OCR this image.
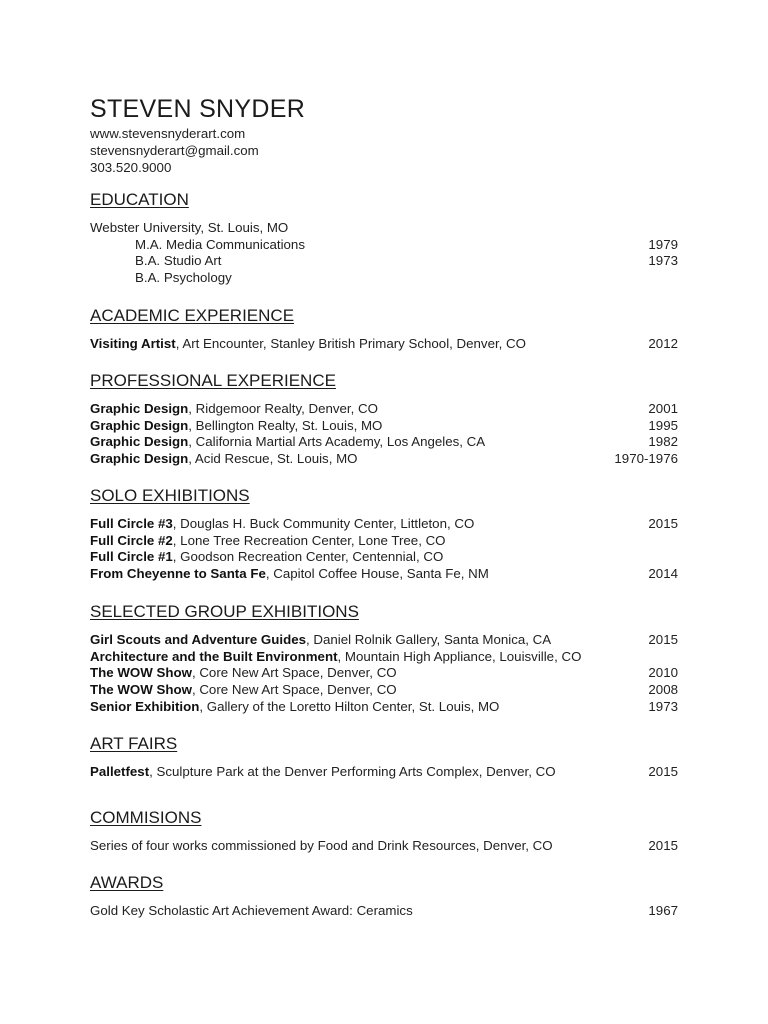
STEVEN SNYDER
www.stevensnyderart.com
stevensnyderart@gmail.com
303.520.9000
EDUCATION
Webster University, St. Louis, MO
M.A. Media Communications	1979
B.A. Studio Art	1973
B.A. Psychology
ACADEMIC EXPERIENCE
Visiting Artist, Art Encounter, Stanley British Primary School, Denver, CO	2012
PROFESSIONAL EXPERIENCE
Graphic Design, Ridgemoor Realty, Denver, CO	2001
Graphic Design, Bellington Realty, St. Louis, MO	1995
Graphic Design, California Martial Arts Academy, Los Angeles, CA	1982
Graphic Design, Acid Rescue, St. Louis, MO	1970-1976
SOLO EXHIBITIONS
Full Circle #3, Douglas H. Buck Community Center, Littleton, CO	2015
Full Circle #2, Lone Tree Recreation Center, Lone Tree, CO
Full Circle #1, Goodson Recreation Center, Centennial, CO
From Cheyenne to Santa Fe, Capitol Coffee House, Santa Fe, NM	2014
SELECTED GROUP EXHIBITIONS
Girl Scouts and Adventure Guides, Daniel Rolnik Gallery, Santa Monica, CA	2015
Architecture and the Built Environment, Mountain High Appliance, Louisville, CO
The WOW Show, Core New Art Space, Denver, CO	2010
The WOW Show, Core New Art Space, Denver, CO	2008
Senior Exhibition, Gallery of the Loretto Hilton Center, St. Louis, MO	1973
ART FAIRS
Palletfest, Sculpture Park at the Denver Performing Arts Complex, Denver, CO	2015
COMMISIONS
Series of four works commissioned by Food and Drink Resources, Denver, CO	2015
AWARDS
Gold Key Scholastic Art Achievement Award: Ceramics	1967
